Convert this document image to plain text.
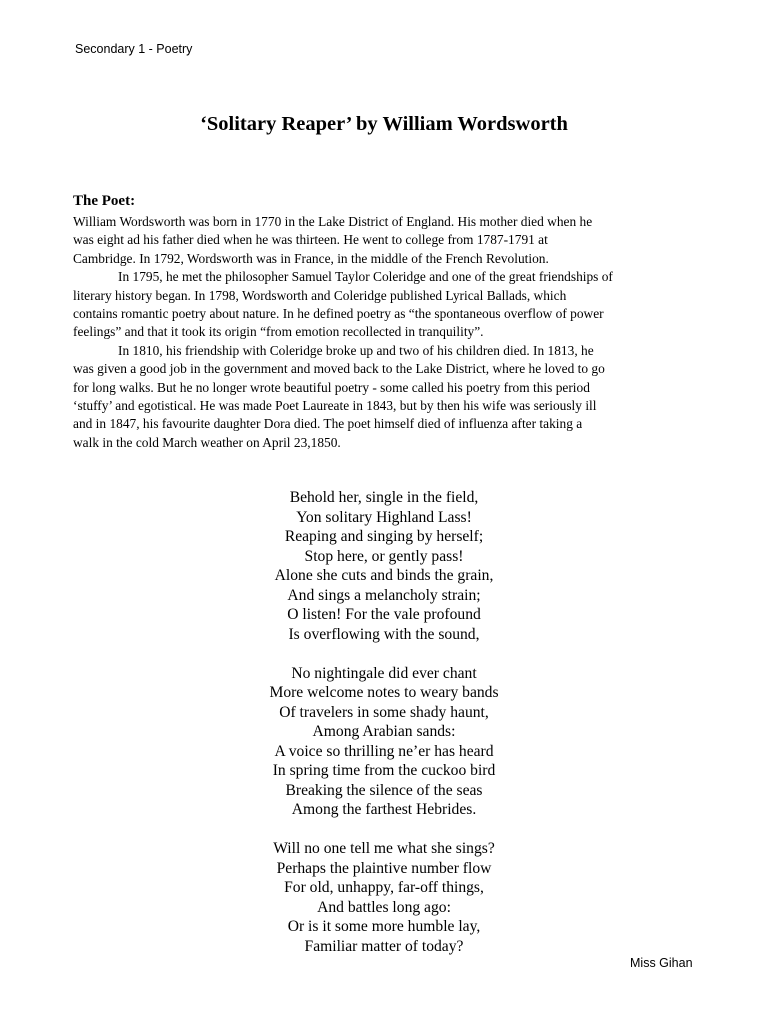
Secondary 1 - Poetry
‘Solitary Reaper’ by William Wordsworth
The Poet:
William Wordsworth was born in 1770 in the Lake District of England. His mother died when he
was eight ad his father died when he was thirteen. He went to college from 1787-1791 at
Cambridge. In 1792, Wordsworth was in France, in the middle of the French Revolution.
In 1795, he met the philosopher Samuel Taylor Coleridge and one of the great friendships of
literary history began. In 1798, Wordsworth and Coleridge published Lyrical Ballads, which
contains romantic poetry about nature. In he defined poetry as “the spontaneous overflow of power
feelings” and that it took its origin “from emotion recollected in tranquility”.
In 1810, his friendship with Coleridge broke up and two of his children died. In 1813, he
was given a good job in the government and moved back to the Lake District, where he loved to go
for long walks. But he no longer wrote beautiful poetry - some called his poetry from this period
‘stuffy’ and egotistical. He was made Poet Laureate in 1843, but by then his wife was seriously ill
and in 1847, his favourite daughter Dora died. The poet himself died of influenza after taking a
walk in the cold March weather on April 23,1850.
Behold her, single in the field,
Yon solitary Highland Lass!
Reaping and singing by herself;
Stop here, or gently pass!
Alone she cuts and binds the grain,
And sings a melancholy strain;
O listen! For the vale profound
Is overflowing with the sound,
No nightingale did ever chant
More welcome notes to weary bands
Of travelers in some shady haunt,
Among Arabian sands:
A voice so thrilling ne’er has heard
In spring time from the cuckoo bird
Breaking the silence of the seas
Among the farthest Hebrides.
Will no one tell me what she sings?
Perhaps the plaintive number flow
For old, unhappy, far-off things,
And battles long ago:
Or is it some more humble lay,
Familiar matter of today?
Miss Gihan
